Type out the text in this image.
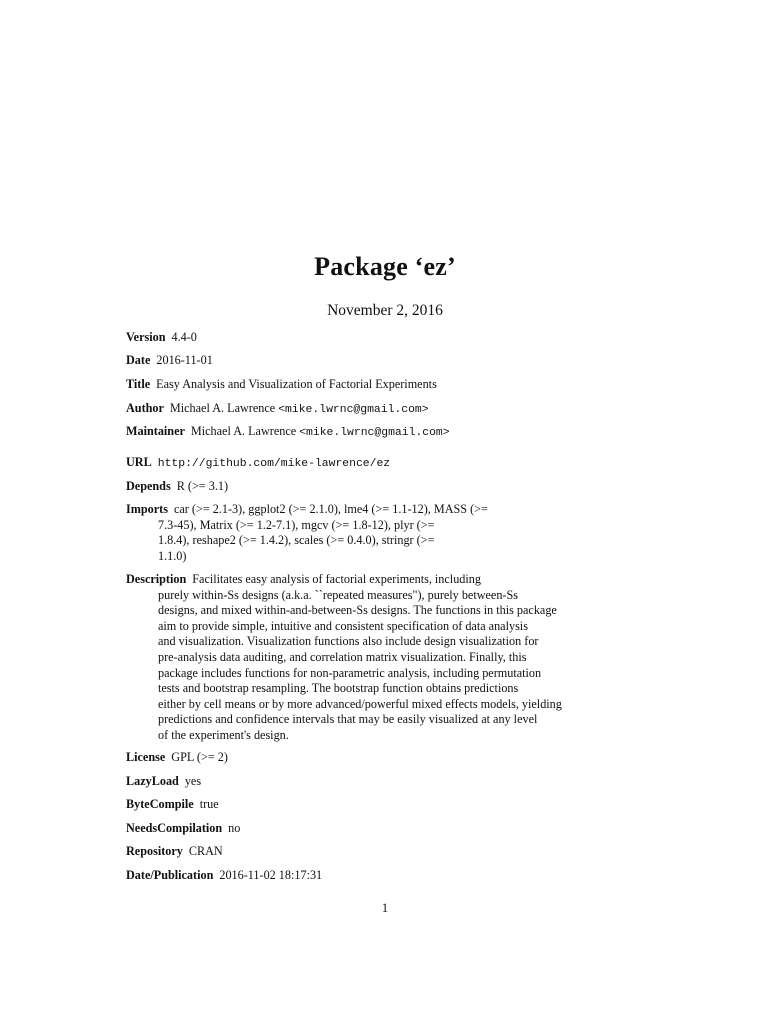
Package ‘ez’
November 2, 2016
Version 4.4-0
Date 2016-11-01
Title Easy Analysis and Visualization of Factorial Experiments
Author Michael A. Lawrence <mike.lwrnc@gmail.com>
Maintainer Michael A. Lawrence <mike.lwrnc@gmail.com>
URL http://github.com/mike-lawrence/ez
Depends R (>= 3.1)
Imports car (>= 2.1-3), ggplot2 (>= 2.1.0), lme4 (>= 1.1-12), MASS (>=
7.3-45), Matrix (>= 1.2-7.1), mgcv (>= 1.8-12), plyr (>=
1.8.4), reshape2 (>= 1.4.2), scales (>= 0.4.0), stringr (>=
1.1.0)
Description Facilitates easy analysis of factorial experiments, including
purely within-Ss designs (a.k.a. ``repeated measures"), purely between-Ss
designs, and mixed within-and-between-Ss designs. The functions in this package
aim to provide simple, intuitive and consistent specification of data analysis
and visualization. Visualization functions also include design visualization for
pre-analysis data auditing, and correlation matrix visualization. Finally, this
package includes functions for non-parametric analysis, including permutation
tests and bootstrap resampling. The bootstrap function obtains predictions
either by cell means or by more advanced/powerful mixed effects models, yielding
predictions and confidence intervals that may be easily visualized at any level
of the experiment's design.
License GPL (>= 2)
LazyLoad yes
ByteCompile true
NeedsCompilation no
Repository CRAN
Date/Publication 2016-11-02 18:17:31
1
